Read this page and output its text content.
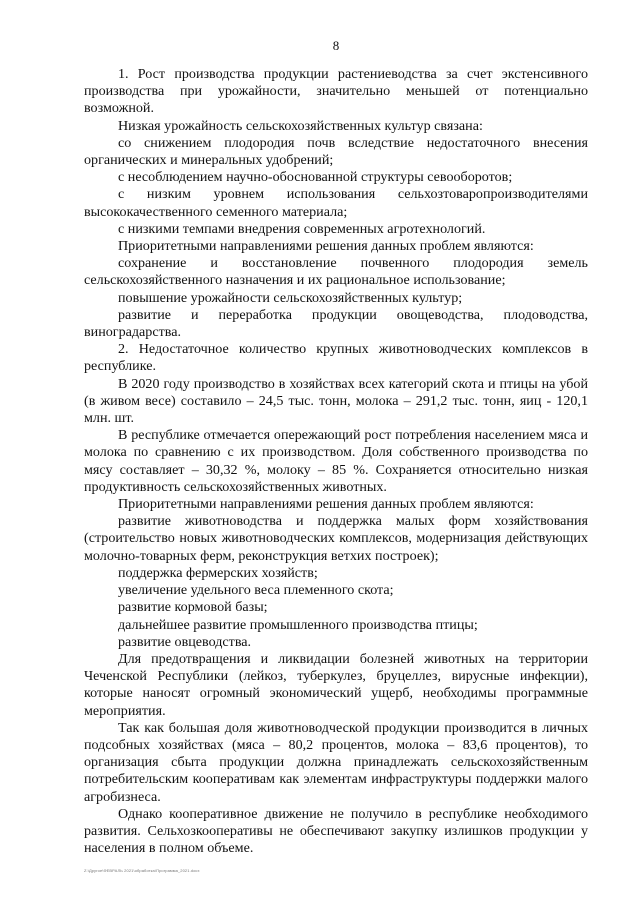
8

1. Рост производства продукции растениеводства за счет экстенсивного производства при урожайности, значительно меньшей от потенциально возможной.

Низкая урожайность сельскохозяйственных культур связана:

со снижением плодородия почв вследствие недостаточного внесения органических и минеральных удобрений;

с несоблюдением научно-обоснованной структуры севооборотов;

с низким уровнем использования сельхозтоваропроизводителями высококачественного семенного материала;

с низкими темпами внедрения современных агротехнологий.

Приоритетными направлениями решения данных проблем являются:

сохранение и восстановление почвенного плодородия земель сельскохозяйственного назначения и их рациональное использование;

повышение урожайности сельскохозяйственных культур;

развитие и переработка продукции овощеводства, плодоводства, виноградарства.

2. Недостаточное количество крупных животноводческих комплексов в республике.

В 2020 году производство в хозяйствах всех категорий скота и птицы на убой (в живом весе) составило – 24,5 тыс. тонн, молока – 291,2 тыс. тонн, яиц - 120,1 млн. шт.

В республике отмечается опережающий рост потребления населением мяса и молока по сравнению с их производством. Доля собственного производства по мясу составляет – 30,32 %, молоку – 85 %. Сохраняется относительно низкая продуктивность сельскохозяйственных животных.

Приоритетными направлениями решения данных проблем являются:

развитие животноводства и поддержка малых форм хозяйствования (строительство новых животноводческих комплексов, модернизация действующих молочно-товарных ферм, реконструкция ветхих построек);

поддержка фермерских хозяйств;

увеличение удельного веса племенного скота;

развитие кормовой базы;

дальнейшее развитие промышленного производства птицы;

развитие овцеводства.

Для предотвращения и ликвидации болезней животных на территории Чеченской Республики (лейкоз, туберкулез, бруцеллез, вирусные инфекции), которые наносят огромный экономический ущерб, необходимы программные мероприятия.

Так как большая доля животноводческой продукции производится в личных подсобных хозяйствах (мяса – 80,2 процентов, молока – 83,6 процентов), то организация сбыта продукции должна принадлежать сельскохозяйственным потребительским кооперативам как элементам инфраструктуры поддержки малого агробизнеса.

Однако кооперативное движение не получило в республике необходимого развития. Сельхозкооперативы не обеспечивают закупку излишков продукции у населения в полном объеме.

Z:\Другое\ФЕВРАЛЬ 2021\обработка\Программа_2021.docx
